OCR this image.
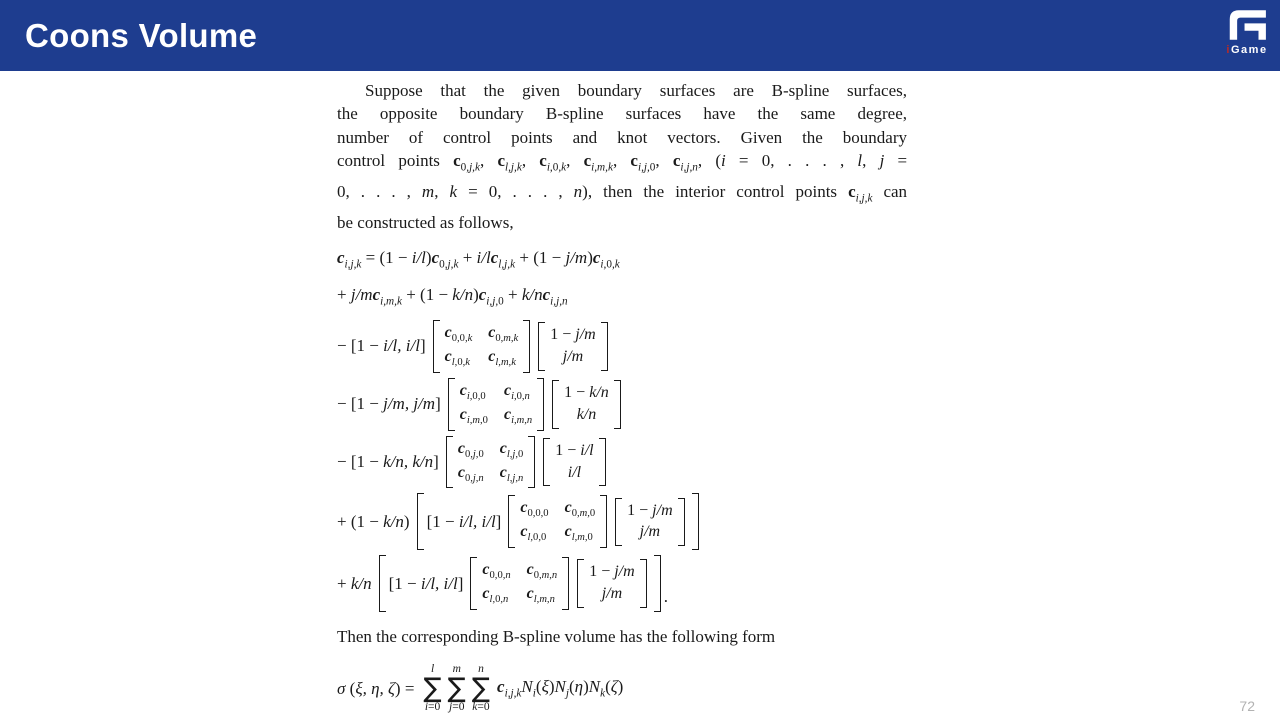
Coons Volume	iGame
Suppose that the given boundary surfaces are B-spline surfaces,
the opposite boundary B-spline surfaces have the same degree,
number of control points and knot vectors. Given the boundary
control points $c_{0,j,k}$, $c_{l,j,k}$, $c_{i,0,k}$, $c_{i,m,k}$, $c_{i,j,0}$, $c_{i,j,n}$, (i = 0, . . . , l, j =
0, . . . , m, k = 0, . . . , n), then the interior control points $c_{i,j,k}$ can
be constructed as follows,
$c_{i,j,k} = (1 - i/l)c_{0,j,k} + i/lc_{l,j,k} + (1 - j/m)c_{i,0,k}$
+ $j/mc_{i,m,k} + (1 - k/n)c_{i,j,0} + k/nc_{i,j,n}$
− [1 − i/l, i/l]
$c_{0,0,k}$ $c_{0,m,k}$
$c_{l,0,k}$ $c_{l,m,k}$
1 − j/m
j/m
− [1 − j/m, j/m]
$c_{i,0,0}$ $c_{i,0,n}$
$c_{i,m,0}$ $c_{i,m,n}$
1 − k/n
k/n
− [1 − k/n, k/n]
$c_{0,j,0}$ $c_{l,j,0}$
$c_{0,j,n}$ $c_{l,j,n}$
1 − i/l
i/l
+ (1 − k/n) [1 − i/l, i/l]
$c_{0,0,0}$ $c_{0,m,0}$
$c_{l,0,0}$ $c_{l,m,0}$
1 − j/m
j/m
+ k/n [1 − i/l, i/l]
$c_{0,0,n}$ $c_{0,m,n}$
$c_{l,0,n}$ $c_{l,m,n}$
1 − j/m
j/m .
Then the corresponding B-spline volume has the following form
σ (ξ, η, ζ) =
l
∑
i=0
m
∑
j=0
n
∑
k=0
$c_{i,j,k}N_i(\xi)N_j(\eta)N_k(\zeta)$
72
